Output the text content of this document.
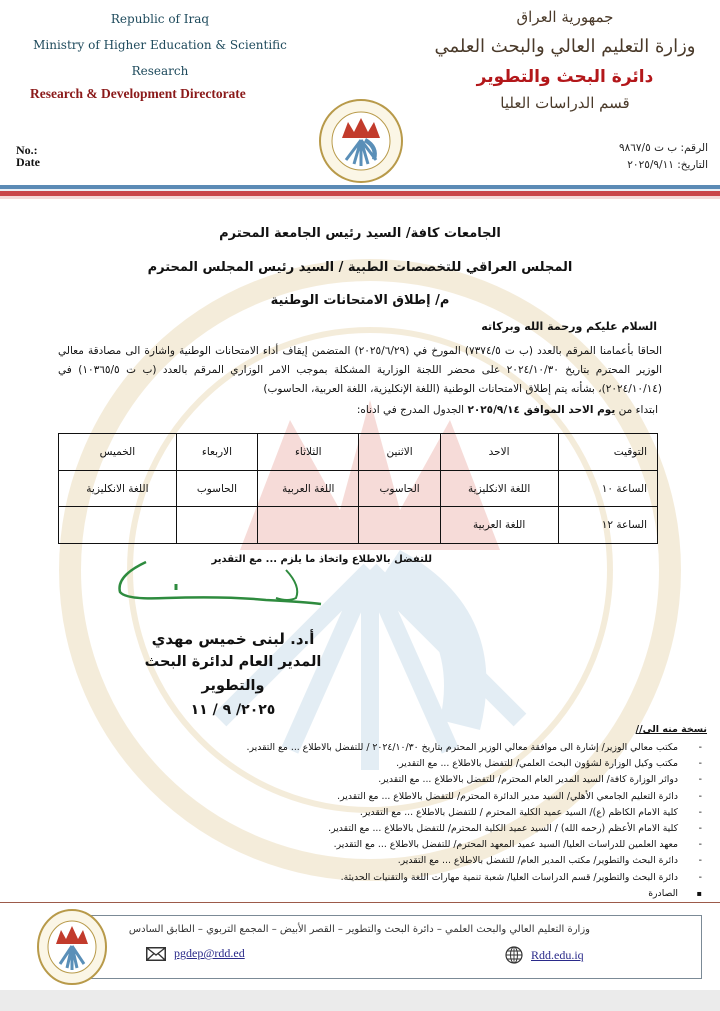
Republic of Iraq
Ministry of Higher Education & Scientific
Research
Research & Development Directorate
No.:
Date
جمهورية العراق
وزارة التعليم العالي والبحث العلمي
دائرة البحث والتطوير
قسم الدراسات العليا
الرقم: ب ت ٩٨٦٧/٥
التاريخ: ٢٠٢٥/٩/١١
الجامعات كافة/ السيد رئيس الجامعة المحترم
المجلس العراقي للتخصصات الطبية / السيد رئيس المجلس المحترم
م/ إطلاق الامتحانات الوطنية
السلام عليكم ورحمة الله وبركاته
الحاقا بأعمامنا المرقم بالعدد (ب ت ٧٣٧٤/٥) المورخ في (٢٠٢٥/٦/٢٩) المتضمن إيقاف أداء الامتحانات الوطنية واشارة الى مصادقة معالي الوزير المحترم بتاريخ ٢٠٢٤/١٠/٣٠ على محضر اللجنة الوزارية المشكلة بموجب الامر الوزاري المرقم بالعدد (ب ت ١٠٣٦٥/٥) في (٢٠٢٤/١٠/١٤)، بشأنه يتم إطلاق الامتحانات الوطنية (اللغة الإنكليزية، اللغة العربية، الحاسوب)
ابتداء من يوم الاحد الموافق ٢٠٢٥/٩/١٤ الجدول المدرج في ادناه:
التوقيت	الاحد	الاثنين	الثلاثاء	الاربعاء	الخميس
الساعة ١٠	اللغة الانكليزية	الحاسوب	اللغة العربية	الحاسوب	اللغة الانكليزية
الساعة ١٢	اللغة العربية				
للتفضل بالاطلاع واتخاذ ما يلزم ... مع التقدير
أ.د. لبنى خميس مهدي
المدير العام لدائرة البحث والتطوير
٢٠٢٥/ ٩ / ١١
نسخة منه الى//
- مكتب معالي الوزير/ إشارة الى موافقة معالي الوزير المحترم بتاريخ ٢٠٢٤/١٠/٣٠ / للتفضل بالاطلاع ... مع التقدير.
- مكتب وكيل الوزارة لشؤون البحث العلمي/ للتفضل بالاطلاع ... مع التقدير.
- دوائر الوزارة كافة/ السيد المدير العام المحترم/ للتفضل بالاطلاع ... مع التقدير.
- دائرة التعليم الجامعي الأهلي/ السيد مدير الدائرة المحترم/ للتفضل بالاطلاع ... مع التقدير.
- كلية الامام الكاظم (ع)/ السيد عميد الكلية المحترم / للتفضل بالاطلاع ... مع التقدير.
- كلية الامام الأعظم (رحمه الله) / السيد عميد الكلية المحترم/ للتفضل بالاطلاع ... مع التقدير.
- معهد العلمين للدراسات العليا/ السيد عميد المعهد المحترم/ للتفضل بالاطلاع ... مع التقدير.
- دائرة البحث والتطوير/ مكتب المدير العام/ للتفضل بالاطلاع ... مع التقدير.
- دائرة البحث والتطوير/ قسم الدراسات العليا/ شعبة تنمية مهارات اللغة والتقنيات الحديثة.
▪ الصادرة
وزارة التعليم العالي والبحث العلمي – دائرة البحث والتطوير – القصر الأبيض – المجمع التربوي – الطابق السادس
pgdep@rdd.ed	Rdd.edu.iq
